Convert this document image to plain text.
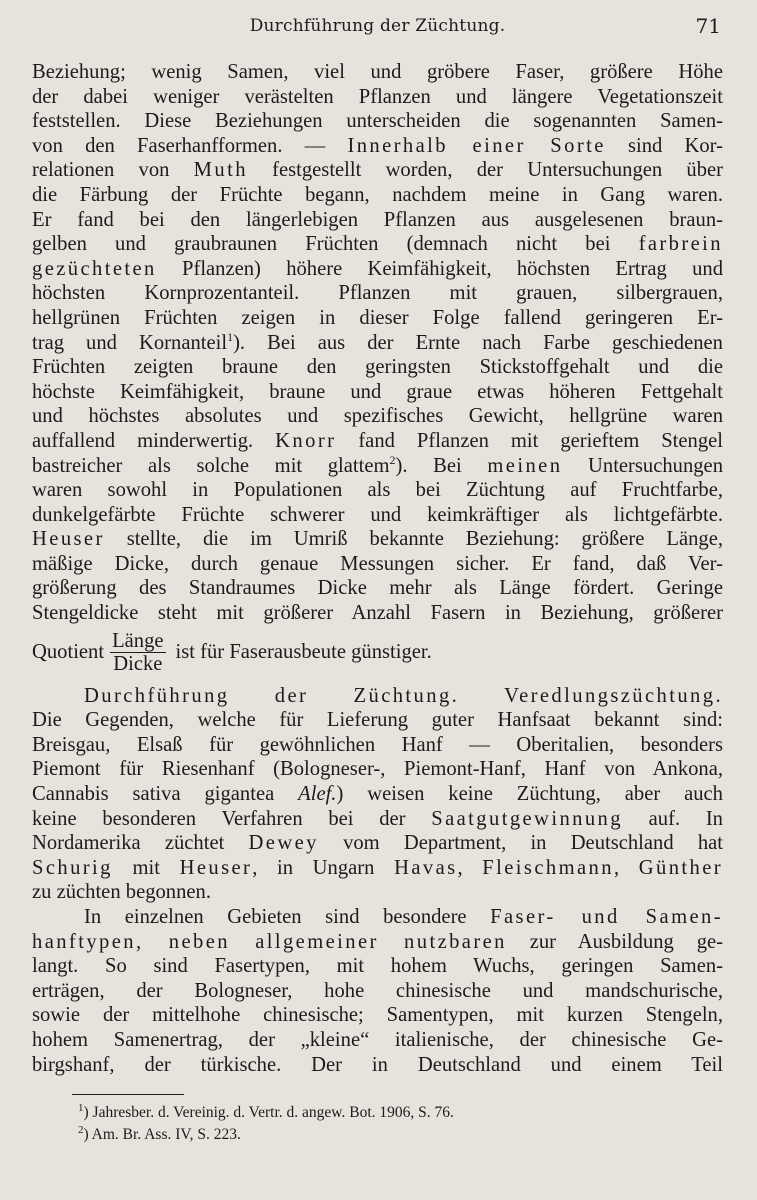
Durchführung der Züchtung.	71
Beziehung; wenig Samen, viel und gröbere Faser, größere Höhe
der dabei weniger verästelten Pflanzen und längere Vegetationszeit
feststellen. Diese Beziehungen unterscheiden die sogenannten Samen-
von den Faserhanfformen. — Innerhalb einer Sorte sind Kor-
relationen von Muth festgestellt worden, der Untersuchungen über
die Färbung der Früchte begann, nachdem meine in Gang waren.
Er fand bei den längerlebigen Pflanzen aus ausgelesenen braun-
gelben und graubraunen Früchten (demnach nicht bei farbrein
gezüchteten Pflanzen) höhere Keimfähigkeit, höchsten Ertrag und
höchsten Kornprozentanteil. Pflanzen mit grauen, silbergrauen,
hellgrünen Früchten zeigen in dieser Folge fallend geringeren Er-
trag und Kornanteil$^1$). Bei aus der Ernte nach Farbe geschiedenen
Früchten zeigten braune den geringsten Stickstoffgehalt und die
höchste Keimfähigkeit, braune und graue etwas höheren Fettgehalt
und höchstes absolutes und spezifisches Gewicht, hellgrüne waren
auffallend minderwertig. Knorr fand Pflanzen mit gerieftem Stengel
bastreicher als solche mit glattem$^2$). Bei meinen Untersuchungen
waren sowohl in Populationen als bei Züchtung auf Fruchtfarbe,
dunkelgefärbte Früchte schwerer und keimkräftiger als lichtgefärbte.
Heuser stellte, die im Umriß bekannte Beziehung: größere Länge,
mäßige Dicke, durch genaue Messungen sicher. Er fand, daß Ver-
größerung des Standraumes Dicke mehr als Länge fördert. Geringe
Stengeldicke steht mit größerer Anzahl Fasern in Beziehung, größerer
Quotient $\frac{\text{Länge}}{\text{Dicke}}$ ist für Faserausbeute günstiger.
Durchführung der Züchtung. Veredlungszüchtung.
Die Gegenden, welche für Lieferung guter Hanfsaat bekannt sind:
Breisgau, Elsaß für gewöhnlichen Hanf — Oberitalien, besonders
Piemont für Riesenhanf (Bologneser-, Piemont-Hanf, Hanf von Ankona,
Cannabis sativa gigantea Alef.) weisen keine Züchtung, aber auch
keine besonderen Verfahren bei der Saatgutgewinnung auf. In
Nordamerika züchtet Dewey vom Department, in Deutschland hat
Schurig mit Heuser, in Ungarn Havas, Fleischmann, Günther
zu züchten begonnen.
In einzelnen Gebieten sind besondere Faser- und Samen-
hanftypen, neben allgemeiner nutzbaren zur Ausbildung ge-
langt. So sind Fasertypen, mit hohem Wuchs, geringen Samen-
erträgen, der Bologneser, hohe chinesische und mandschurische,
sowie der mittelhohe chinesische; Samentypen, mit kurzen Stengeln,
hohem Samenertrag, der „kleine“ italienische, der chinesische Ge-
birgshanf, der türkische. Der in Deutschland und einem Teil
$^1$) Jahresber. d. Vereinig. d. Vertr. d. angew. Bot. 1906, S. 76.
$^2$) Am. Br. Ass. IV, S. 223.
